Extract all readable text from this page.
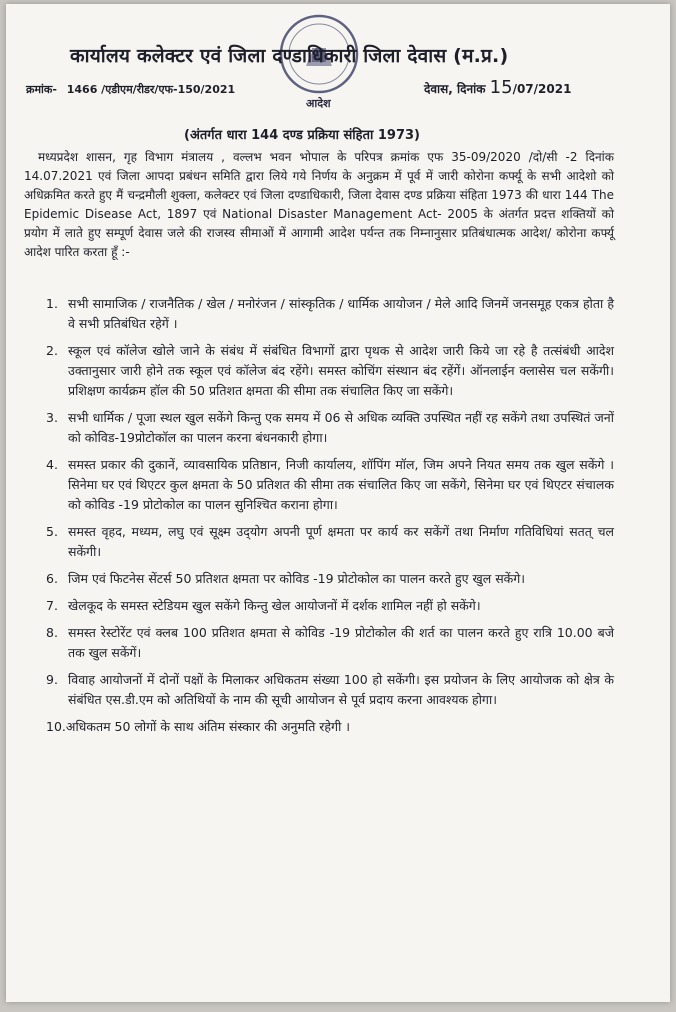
कार्यालय कलेक्टर एवं जिला दण्डाधिकारी जिला देवास (म.प्र.)
क्रमांक- 1466 /एडीएम/रीडर/एफ-150/2021
आदेश
देवास, दिनांक 15/07/2021
(अंतर्गत धारा 144 दण्ड प्रक्रिया संहिता 1973)
मध्यप्रदेश शासन, गृह विभाग मंत्रालय , वल्लभ भवन भोपाल के परिपत्र क्रमांक एफ 35-09/2020 /दो/सी -2 दिनांक 14.07.2021 एवं जिला आपदा प्रबंधन समिति द्वारा लिये गये निर्णय के अनुक्रम में पूर्व में जारी कोरोना कर्फ्यू के सभी आदेशो को अधिक्रमित करते हुए मैं चन्द्रमौली शुक्ला, कलेक्टर एवं जिला दण्डाधिकारी, जिला देवास दण्ड प्रक्रिया संहिता 1973 की धारा 144 The Epidemic Disease Act, 1897 एवं National Disaster Management Act- 2005 के अंतर्गत प्रदत्त शक्तियों को प्रयोग में लाते हुए सम्पूर्ण देवास जले की राजस्व सीमाओं में आगामी आदेश पर्यन्त तक निम्नानुसार प्रतिबंधात्मक आदेश/ कोरोना कर्फ्यू आदेश पारित करता हूँ :-
1. सभी सामाजिक / राजनैतिक / खेल / मनोरंजन / सांस्कृतिक / धार्मिक आयोजन / मेले आदि जिनमें जनसमूह एकत्र होता है वे सभी प्रतिबंधित रहेगें ।
2. स्कूल एवं कॉलेज खोले जाने के संबंध में संबंधित विभागों द्वारा पृथक से आदेश जारी किये जा रहे है तत्संबंधी आदेश उक्तानुसार जारी होने तक स्कूल एवं कॉलेज बंद रहेंगे। समस्त कोचिंग संस्थान बंद रहेंगें। ऑनलाईन क्लासेस चल सकेंगी। प्रशिक्षण कार्यक्रम हॉल की 50 प्रतिशत क्षमता की सीमा तक संचालित किए जा सकेंगे।
3. सभी धार्मिक / पूजा स्थल खुल सकेंगे किन्तु एक समय में 06 से अधिक व्यक्ति उपस्थित नहीं रह सकेंगे तथा उपस्थितं जनों को कोविड-19प्रोटोकॉल का पालन करना बंधनकारी होगा।
4. समस्त प्रकार की दुकानें, व्यावसायिक प्रतिष्ठान, निजी कार्यालय, शॉपिंग मॉल, जिम अपने नियत समय तक खुल सकेंगे । सिनेमा घर एवं थिएटर कुल क्षमता के 50 प्रतिशत की सीमा तक संचालित किए जा सकेंगे, सिनेमा घर एवं थिएटर संचालक को कोविड -19 प्रोटोकोल का पालन सुनिश्चित कराना होगा।
5. समस्त वृहद, मध्यम, लघु एवं सूक्ष्म उद्‌योग अपनी पूर्ण क्षमता पर कार्य कर सकेंगें तथा निर्माण गतिविधियां सतत् चल सकेंगी।
6. जिम एवं फिटनेस सेंटर्स 50 प्रतिशत क्षमता पर कोविड -19 प्रोटोकोल का पालन करते हुए खुल सकेंगे।
7. खेलकूद के समस्त स्टेडियम खुल सकेंगे किन्तु खेल आयोजनों में दर्शक शामिल नहीं हो सकेंगे।
8. समस्त रेस्टोरेंट एवं क्लब 100 प्रतिशत क्षमता से कोविड -19 प्रोटोकोल की शर्त का पालन करते हुए रात्रि 10.00 बजे तक खुल सकेंगें।
9. विवाह आयोजनों में दोनों पक्षों के मिलाकर अधिकतम संख्या 100 हो सकेंगी। इस प्रयोजन के लिए आयोजक को क्षेत्र के संबंधित एस.डी.एम को अतिथियों के नाम की सूची आयोजन से पूर्व प्रदाय करना आवश्यक होगा।
10. अधिकतम 50 लोगों के साथ अंतिम संस्कार की अनुमति रहेगी ।
